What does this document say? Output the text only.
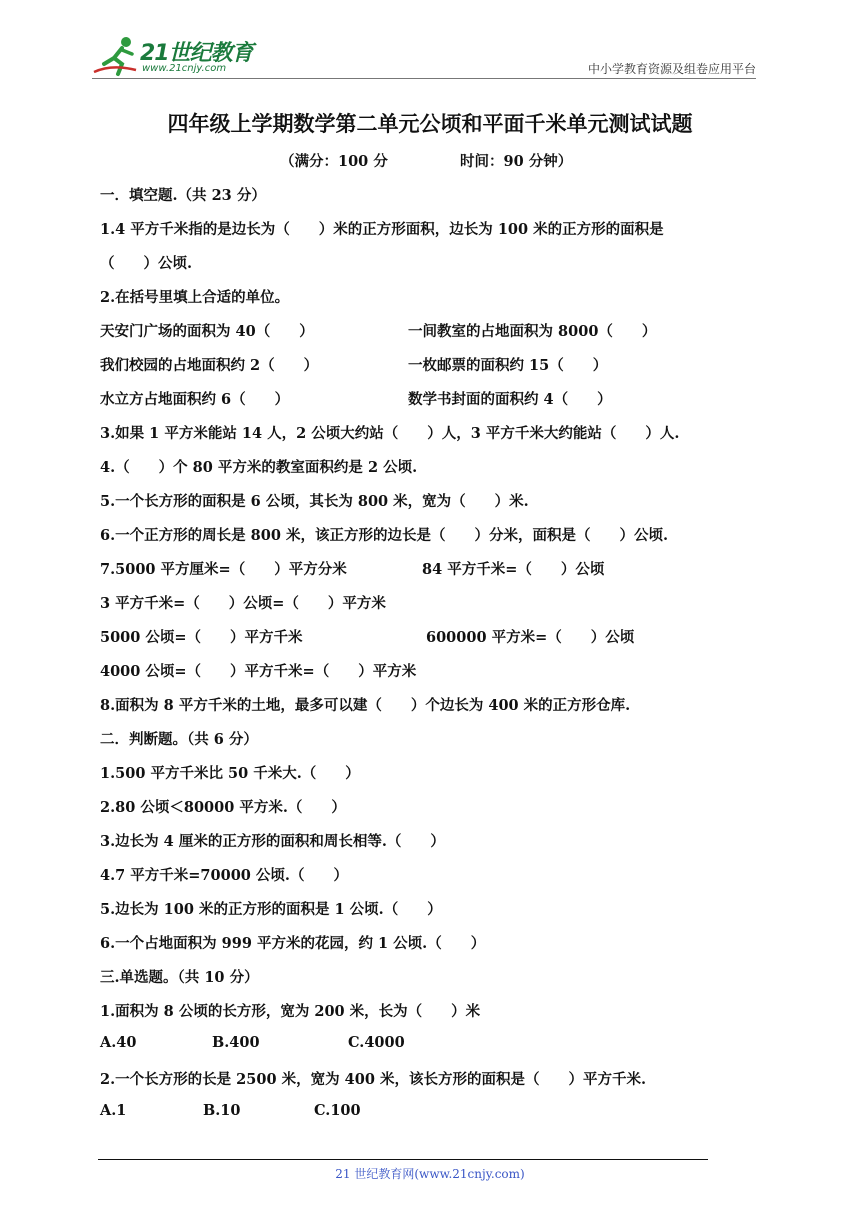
21世纪教育
www.21cnjy.com	中小学教育资源及组卷应用平台
四年级上学期数学第二单元公顷和平面千米单元测试试题
（满分：100 分	时间：90 分钟）
一．填空题.（共 23 分）
1.4 平方千米指的是边长为（　　）米的正方形面积，边长为 100 米的正方形的面积是
（　　）公顷.
2.在括号里填上合适的单位。
天安门广场的面积为 40（　　）	一间教室的占地面积为 8000（　　）
我们校园的占地面积约 2（　　）	一枚邮票的面积约 15（　　）
水立方占地面积约 6（　　）	数学书封面的面积约 4（　　）
3.如果 1 平方米能站 14 人，2 公顷大约站（　　）人，3 平方千米大约能站（　　）人.
4.（　　）个 80 平方米的教室面积约是 2 公顷.
5.一个长方形的面积是 6 公顷，其长为 800 米，宽为（　　）米.
6.一个正方形的周长是 800 米，该正方形的边长是（　　）分米，面积是（　　）公顷.
7.5000 平方厘米=（　　）平方分米	84 平方千米=（　　）公顷
3 平方千米=（　　）公顷=（　　）平方米
5000 公顷=（　　）平方千米	600000 平方米=（　　）公顷
4000 公顷=（　　）平方千米=（　　）平方米
8.面积为 8 平方千米的土地，最多可以建（　　）个边长为 400 米的正方形仓库.
二．判断题。（共 6 分）
1.500 平方千米比 50 千米大.（　　）
2.80 公顷＜80000 平方米.（　　）
3.边长为 4 厘米的正方形的面积和周长相等.（　　）
4.7 平方千米=70000 公顷.（　　）
5.边长为 100 米的正方形的面积是 1 公顷.（　　）
6.一个占地面积为 999 平方米的花园，约 1 公顷.（　　）
三.单选题。（共 10 分）
1.面积为 8 公顷的长方形，宽为 200 米，长为（　　）米
A.40	B.400	C.4000
2.一个长方形的长是 2500 米，宽为 400 米，该长方形的面积是（　　）平方千米.
A.1	B.10	C.100
21 世纪教育网(www.21cnjy.com)
